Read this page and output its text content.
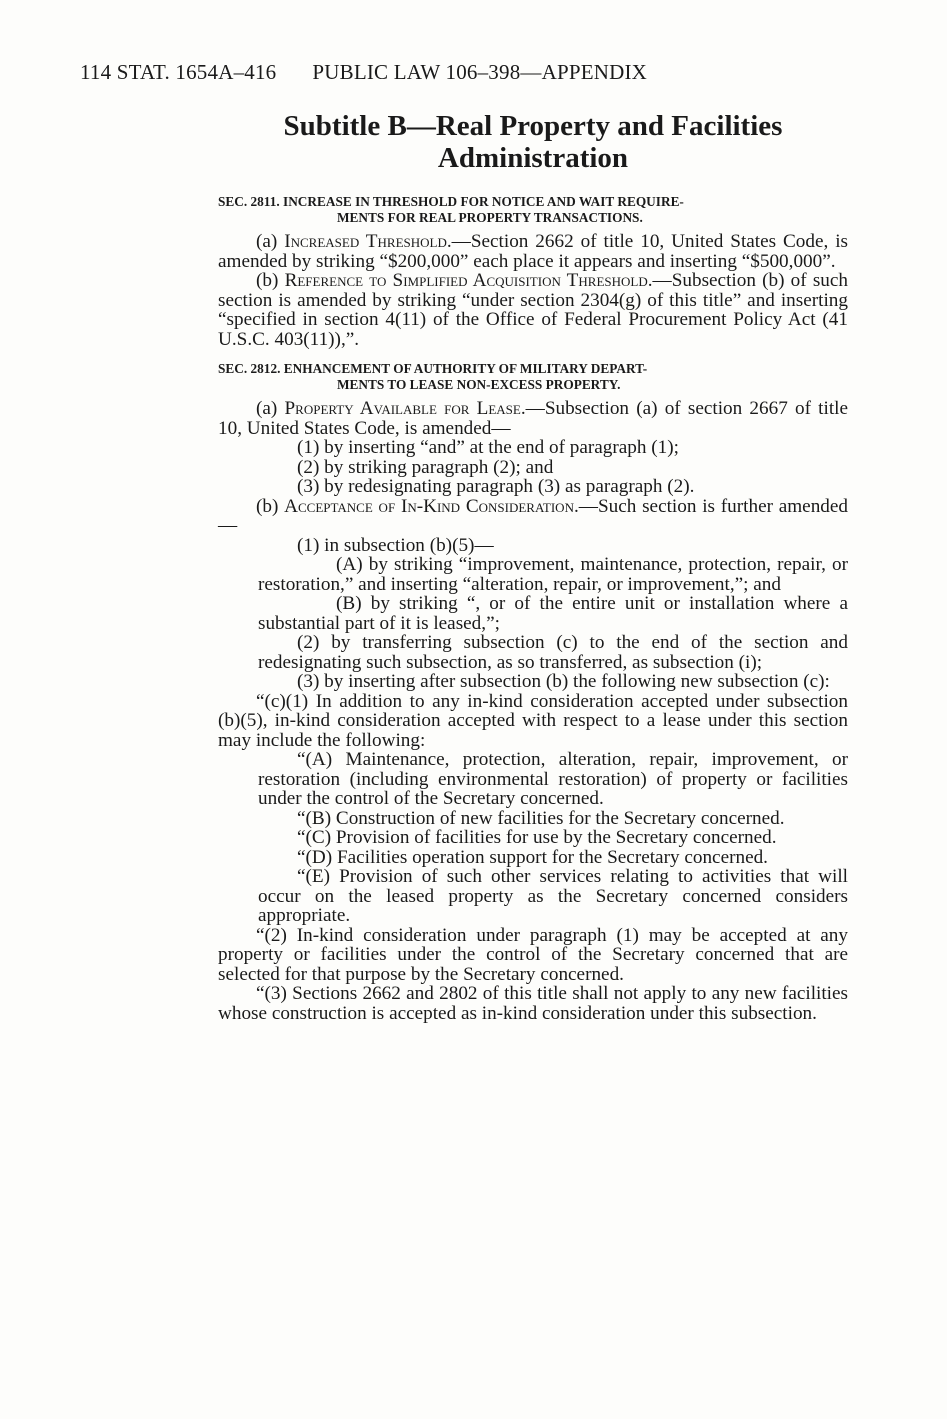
114 STAT. 1654A–416 PUBLIC LAW 106–398—APPENDIX
Subtitle B—Real Property and Facilities Administration

SEC. 2811. INCREASE IN THRESHOLD FOR NOTICE AND WAIT REQUIRE-
MENTS FOR REAL PROPERTY TRANSACTIONS.

(a) Increased Threshold.—Section 2662 of title 10, United States Code, is amended by striking “$200,000” each place it appears and inserting “$500,000”.

(b) Reference to Simplified Acquisition Threshold.—Subsection (b) of such section is amended by striking “under section 2304(g) of this title” and inserting “specified in section 4(11) of the Office of Federal Procurement Policy Act (41 U.S.C. 403(11)),”.

SEC. 2812. ENHANCEMENT OF AUTHORITY OF MILITARY DEPART-
MENTS TO LEASE NON-EXCESS PROPERTY.

(a) Property Available for Lease.—Subsection (a) of section 2667 of title 10, United States Code, is amended—

(1) by inserting “and” at the end of paragraph (1);

(2) by striking paragraph (2); and

(3) by redesignating paragraph (3) as paragraph (2).

(b) Acceptance of In-Kind Consideration.—Such section is further amended—

(1) in subsection (b)(5)—

(A) by striking “improvement, maintenance, protection, repair, or restoration,” and inserting “alteration, repair, or improvement,”; and

(B) by striking “, or of the entire unit or installation where a substantial part of it is leased,”;

(2) by transferring subsection (c) to the end of the section and redesignating such subsection, as so transferred, as subsection (i);

(3) by inserting after subsection (b) the following new subsection (c):

“(c)(1) In addition to any in-kind consideration accepted under subsection (b)(5), in-kind consideration accepted with respect to a lease under this section may include the following:

“(A) Maintenance, protection, alteration, repair, improvement, or restoration (including environmental restoration) of property or facilities under the control of the Secretary concerned.

“(B) Construction of new facilities for the Secretary concerned.

“(C) Provision of facilities for use by the Secretary concerned.

“(D) Facilities operation support for the Secretary concerned.

“(E) Provision of such other services relating to activities that will occur on the leased property as the Secretary concerned considers appropriate.

“(2) In-kind consideration under paragraph (1) may be accepted at any property or facilities under the control of the Secretary concerned that are selected for that purpose by the Secretary concerned.

“(3) Sections 2662 and 2802 of this title shall not apply to any new facilities whose construction is accepted as in-kind consideration under this subsection.
